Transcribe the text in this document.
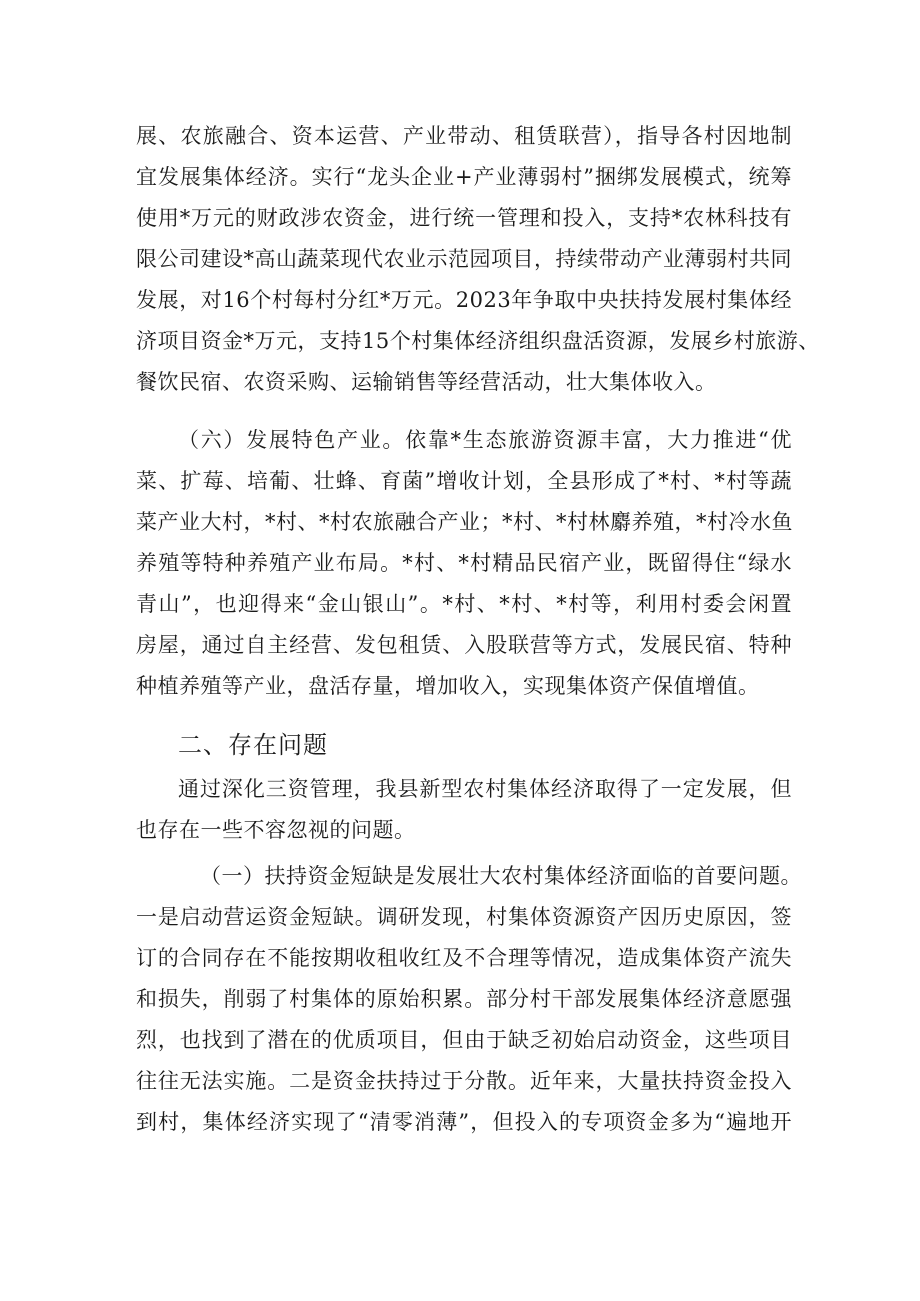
展、农旅融合、资本运营、产业带动、租赁联营），指导各村因地制
宜发展集体经济。实行“龙头企业+产业薄弱村”捆绑发展模式，统筹
使用*万元的财政涉农资金，进行统一管理和投入，支持*农林科技有
限公司建设*高山蔬菜现代农业示范园项目，持续带动产业薄弱村共同
发展，对16个村每村分红*万元。2023年争取中央扶持发展村集体经
济项目资金*万元，支持15个村集体经济组织盘活资源，发展乡村旅游、
餐饮民宿、农资采购、运输销售等经营活动，壮大集体收入。
（六）发展特色产业。依靠*生态旅游资源丰富，大力推进“优
菜、扩莓、培葡、壮蜂、育菌”增收计划，全县形成了*村、*村等蔬
菜产业大村，*村、*村农旅融合产业；*村、*村林麝养殖，*村冷水鱼
养殖等特种养殖产业布局。*村、*村精品民宿产业，既留得住“绿水
青山”，也迎得来“金山银山”。*村、*村、*村等，利用村委会闲置
房屋，通过自主经营、发包租赁、入股联营等方式，发展民宿、特种
种植养殖等产业，盘活存量，增加收入，实现集体资产保值增值。
二、存在问题
通过深化三资管理，我县新型农村集体经济取得了一定发展，但
也存在一些不容忽视的问题。
（一）扶持资金短缺是发展壮大农村集体经济面临的首要问题。
一是启动营运资金短缺。调研发现，村集体资源资产因历史原因，签
订的合同存在不能按期收租收红及不合理等情况，造成集体资产流失
和损失，削弱了村集体的原始积累。部分村干部发展集体经济意愿强
烈，也找到了潜在的优质项目，但由于缺乏初始启动资金，这些项目
往往无法实施。二是资金扶持过于分散。近年来，大量扶持资金投入
到村，集体经济实现了“清零消薄”，但投入的专项资金多为“遍地开
